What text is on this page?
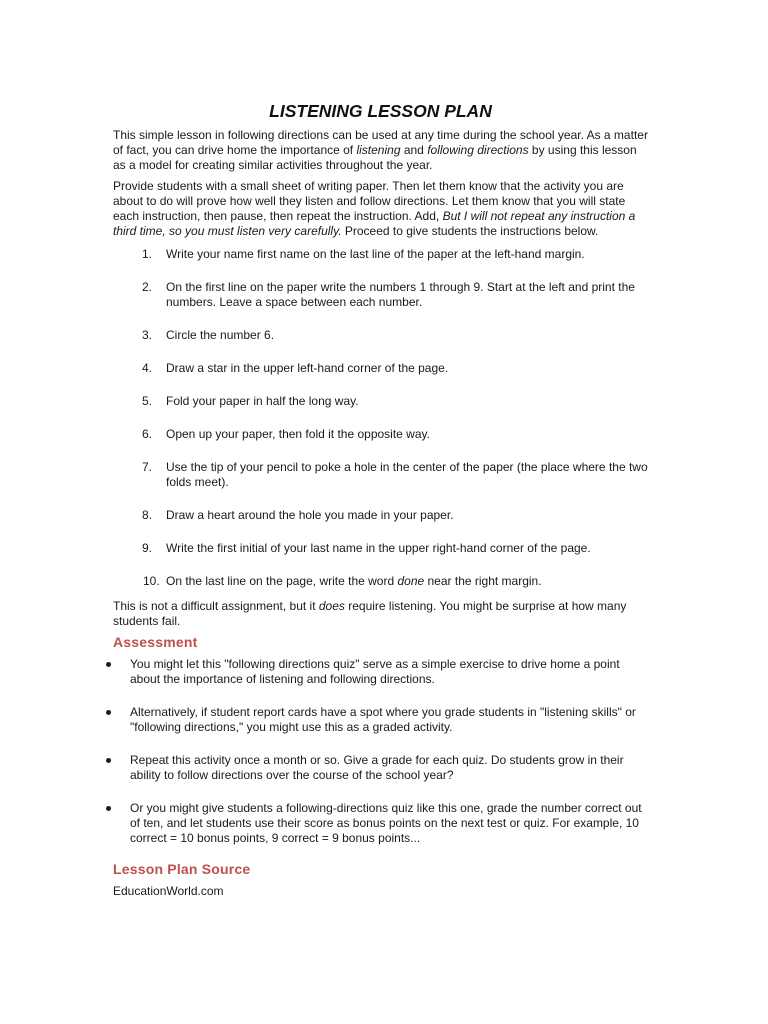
LISTENING LESSON PLAN

This simple lesson in following directions can be used at any time during the school year. As a matter of fact, you can drive home the importance of listening and following directions by using this lesson as a model for creating similar activities throughout the year.

Provide students with a small sheet of writing paper. Then let them know that the activity you are about to do will prove how well they listen and follow directions. Let them know that you will state each instruction, then pause, then repeat the instruction. Add, But I will not repeat any instruction a third time, so you must listen very carefully. Proceed to give students the instructions below.

1. Write your name first name on the last line of the paper at the left-hand margin.
2. On the first line on the paper write the numbers 1 through 9. Start at the left and print the numbers. Leave a space between each number.
3. Circle the number 6.
4. Draw a star in the upper left-hand corner of the page.
5. Fold your paper in half the long way.
6. Open up your paper, then fold it the opposite way.
7. Use the tip of your pencil to poke a hole in the center of the paper (the place where the two folds meet).
8. Draw a heart around the hole you made in your paper.
9. Write the first initial of your last name in the upper right-hand corner of the page.
10. On the last line on the page, write the word done near the right margin.

This is not a difficult assignment, but it does require listening. You might be surprise at how many students fail.

Assessment
You might let this "following directions quiz" serve as a simple exercise to drive home a point about the importance of listening and following directions.
Alternatively, if student report cards have a spot where you grade students in "listening skills" or "following directions," you might use this as a graded activity.
Repeat this activity once a month or so. Give a grade for each quiz. Do students grow in their ability to follow directions over the course of the school year?
Or you might give students a following-directions quiz like this one, grade the number correct out of ten, and let students use their score as bonus points on the next test or quiz. For example, 10 correct = 10 bonus points, 9 correct = 9 bonus points...
Lesson Plan Source
EducationWorld.com
